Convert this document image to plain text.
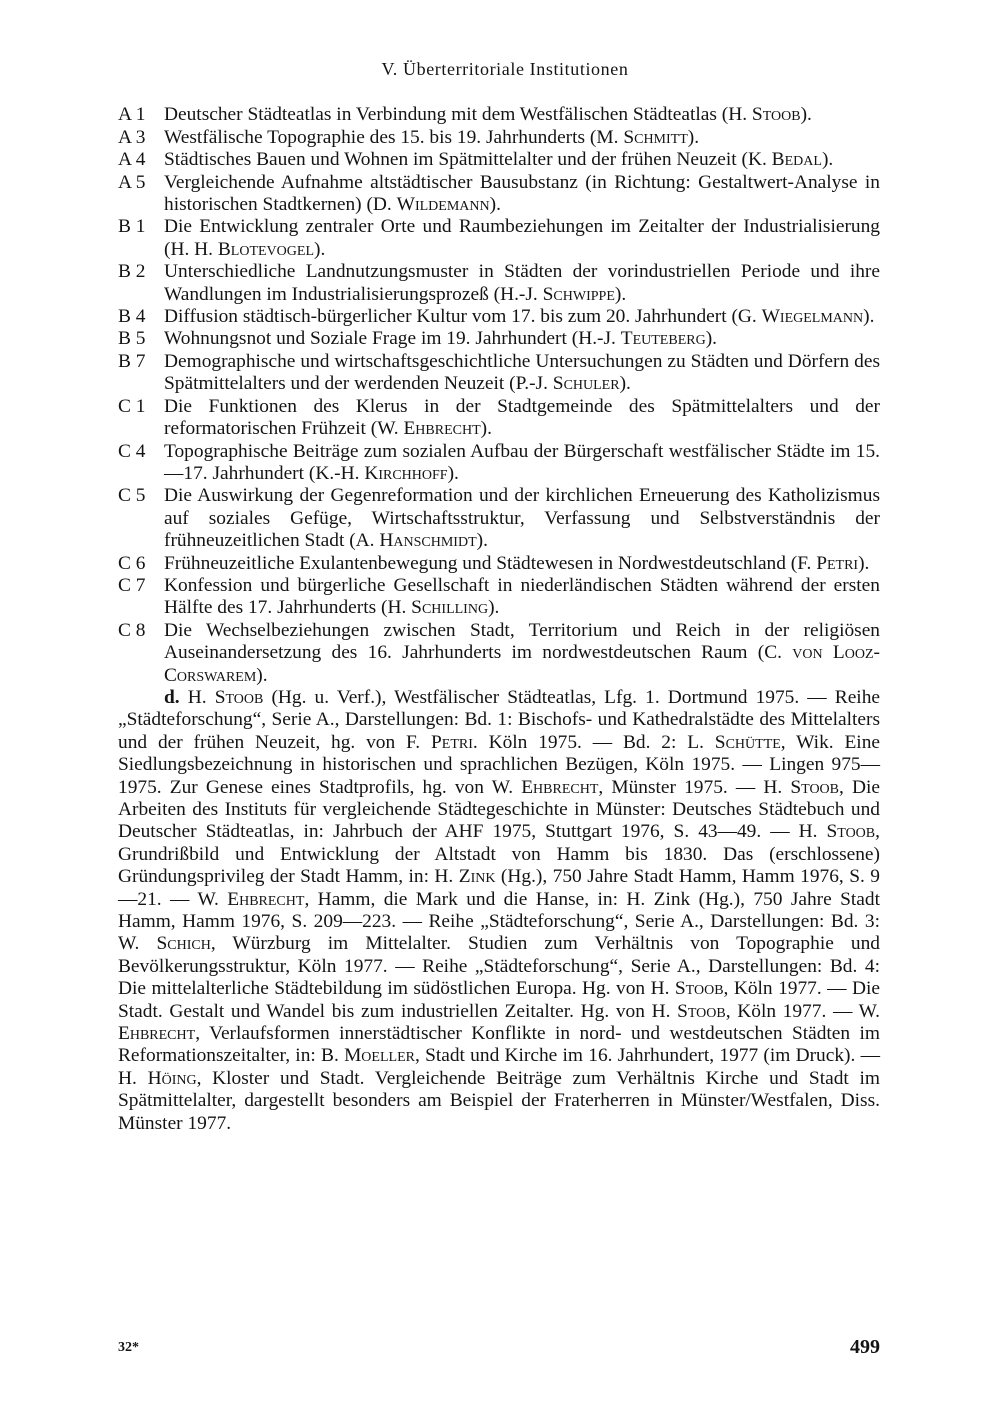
V. Überterritoriale Institutionen
A 1 Deutscher Städteatlas in Verbindung mit dem Westfälischen Städteatlas (H. Stoob).
A 3 Westfälische Topographie des 15. bis 19. Jahrhunderts (M. Schmitt).
A 4 Städtisches Bauen und Wohnen im Spätmittelalter und der frühen Neuzeit (K. Bedal).
A 5 Vergleichende Aufnahme altstädtischer Bausubstanz (in Richtung: Gestaltwert-Analyse in historischen Stadtkernen) (D. Wildemann).
B 1 Die Entwicklung zentraler Orte und Raumbeziehungen im Zeitalter der Industrialisierung (H. H. Blotevogel).
B 2 Unterschiedliche Landnutzungsmuster in Städten der vorindustriellen Periode und ihre Wandlungen im Industrialisierungsprozeß (H.-J. Schwippe).
B 4 Diffusion städtisch-bürgerlicher Kultur vom 17. bis zum 20. Jahrhundert (G. Wiegelmann).
B 5 Wohnungsnot und Soziale Frage im 19. Jahrhundert (H.-J. Teuteberg).
B 7 Demographische und wirtschaftsgeschichtliche Untersuchungen zu Städten und Dörfern des Spätmittelalters und der werdenden Neuzeit (P.-J. Schuler).
C 1 Die Funktionen des Klerus in der Stadtgemeinde des Spätmittelalters und der reformatorischen Frühzeit (W. Ehbrecht).
C 4 Topographische Beiträge zum sozialen Aufbau der Bürgerschaft westfälischer Städte im 15.—17. Jahrhundert (K.-H. Kirchhoff).
C 5 Die Auswirkung der Gegenreformation und der kirchlichen Erneuerung des Katholizismus auf soziales Gefüge, Wirtschaftsstruktur, Verfassung und Selbstverständnis der frühneuzeitlichen Stadt (A. Hanschmidt).
C 6 Frühneuzeitliche Exulantenbewegung und Städtewesen in Nordwestdeutschland (F. Petri).
C 7 Konfession und bürgerliche Gesellschaft in niederländischen Städten während der ersten Hälfte des 17. Jahrhunderts (H. Schilling).
C 8 Die Wechselbeziehungen zwischen Stadt, Territorium und Reich in der religiösen Auseinandersetzung des 16. Jahrhunderts im nordwestdeutschen Raum (C. von Looz-Corswarem).

d. H. Stoob (Hg. u. Verf.), Westfälischer Städteatlas, Lfg. 1. Dortmund 1975. — Reihe „Städteforschung“, Serie A., Darstellungen: Bd. 1: Bischofs- und Kathedralstädte des Mittelalters und der frühen Neuzeit, hg. von F. Petri. Köln 1975. — Bd. 2: L. Schütte, Wik. Eine Siedlungsbezeichnung in historischen und sprachlichen Bezügen, Köln 1975. — Lingen 975—1975. Zur Genese eines Stadtprofils, hg. von W. Ehbrecht, Münster 1975. — H. Stoob, Die Arbeiten des Instituts für vergleichende Städtegeschichte in Münster: Deutsches Städtebuch und Deutscher Städteatlas, in: Jahrbuch der AHF 1975, Stuttgart 1976, S. 43—49. — H. Stoob, Grundrißbild und Entwicklung der Altstadt von Hamm bis 1830. Das (erschlossene) Gründungsprivileg der Stadt Hamm, in: H. Zink (Hg.), 750 Jahre Stadt Hamm, Hamm 1976, S. 9—21. — W. Ehbrecht, Hamm, die Mark und die Hanse, in: H. Zink (Hg.), 750 Jahre Stadt Hamm, Hamm 1976, S. 209—223. — Reihe „Städteforschung“, Serie A., Darstellungen: Bd. 3: W. Schich, Würzburg im Mittelalter. Studien zum Verhältnis von Topographie und Bevölkerungsstruktur, Köln 1977. — Reihe „Städteforschung“, Serie A., Darstellungen: Bd. 4: Die mittelalterliche Städtebildung im südöstlichen Europa. Hg. von H. Stoob, Köln 1977. — Die Stadt. Gestalt und Wandel bis zum industriellen Zeitalter. Hg. von H. Stoob, Köln 1977. — W. Ehbrecht, Verlaufsformen innerstädtischer Konflikte in nord- und westdeutschen Städten im Reformationszeitalter, in: B. Moeller, Stadt und Kirche im 16. Jahrhundert, 1977 (im Druck). — H. Höing, Kloster und Stadt. Vergleichende Beiträge zum Verhältnis Kirche und Stadt im Spätmittelalter, dargestellt besonders am Beispiel der Fraterherren in Münster/Westfalen, Diss. Münster 1977.

32*	499
